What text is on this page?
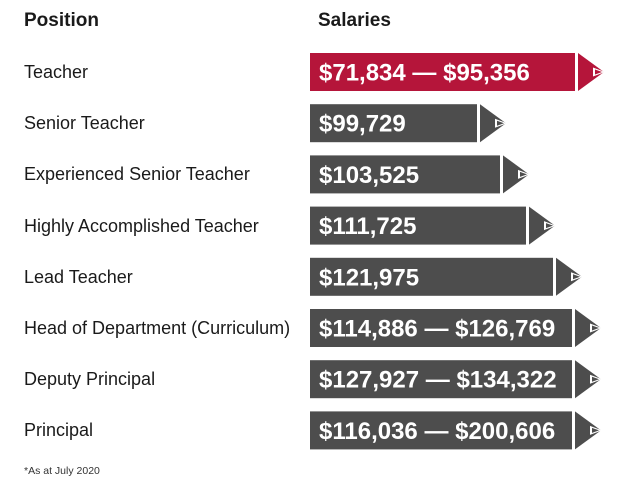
Position	Salaries
Teacher
Senior Teacher
Experienced Senior Teacher
Highly Accomplished Teacher
Lead Teacher
Head of Department (Curriculum)
Deputy Principal
Principal
$71,834 — $95,356
$99,729
$103,525
$111,725
$121,975
$114,886 — $126,769
$127,927 — $134,322
$116,036 — $200,606
*As at July 2020
